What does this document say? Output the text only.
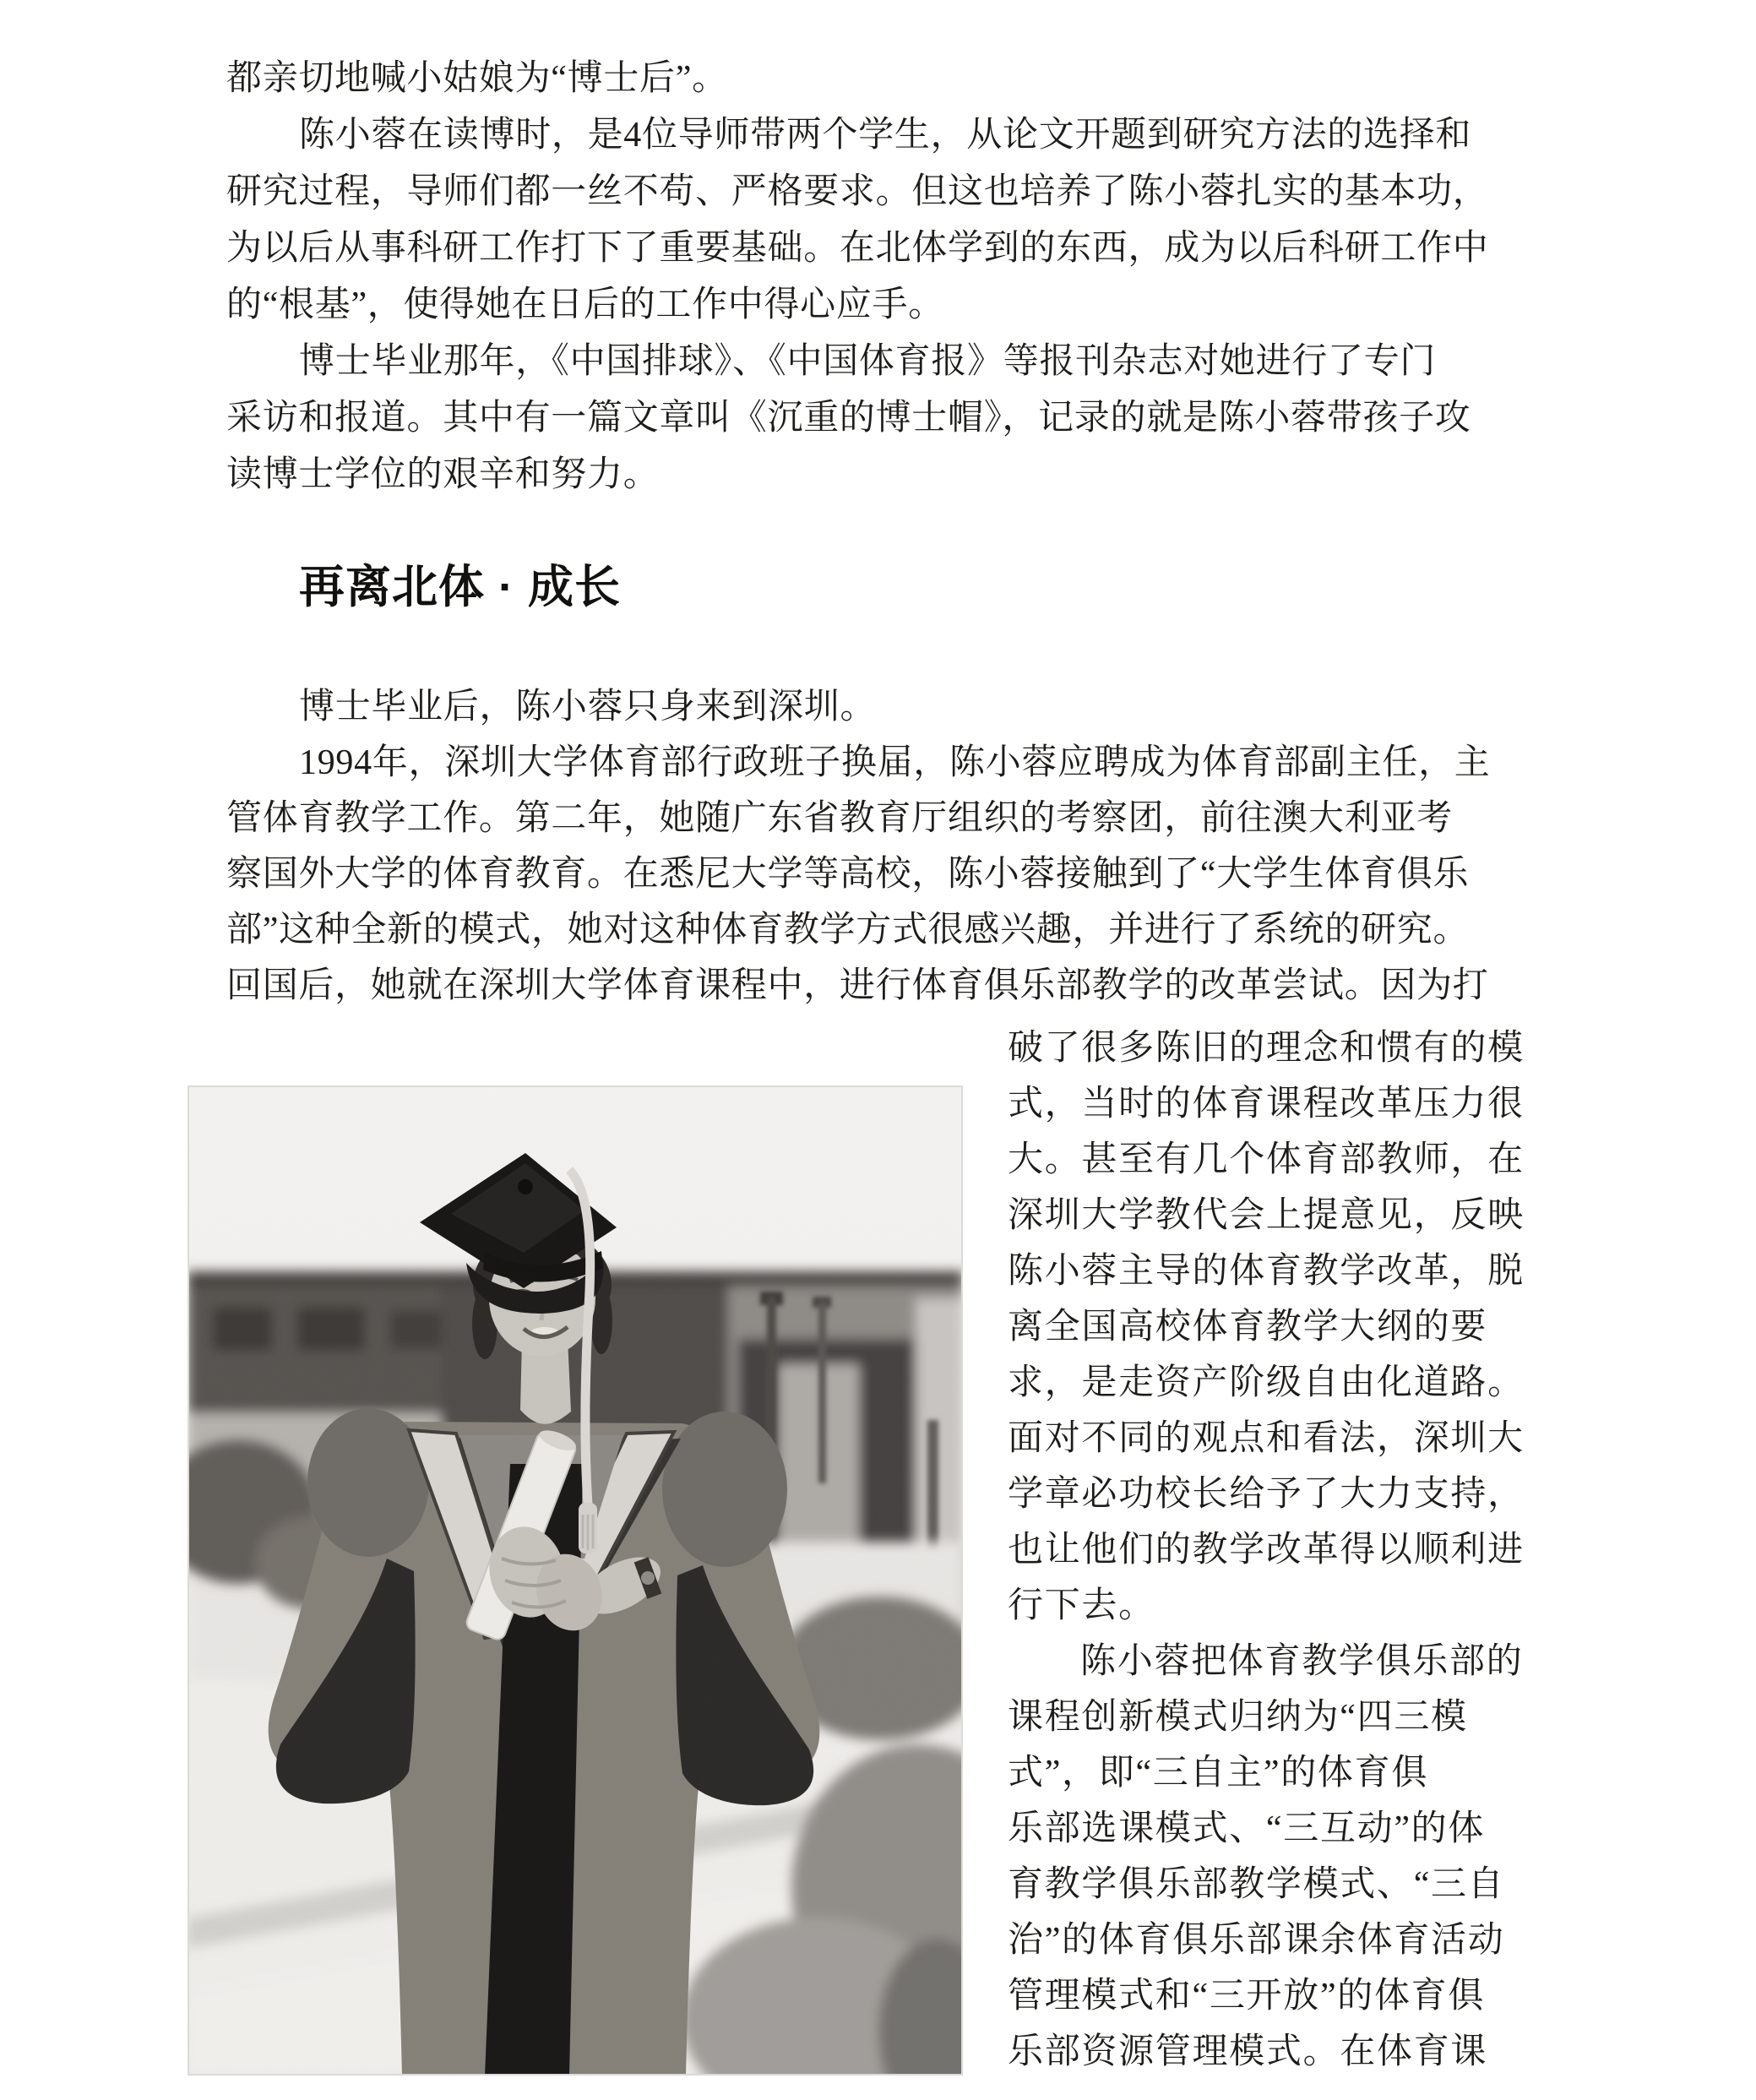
都亲切地喊小姑娘为“博士后”。
陈小蓉在读博时，是4位导师带两个学生，从论文开题到研究方法的选择和
研究过程，导师们都一丝不苟、严格要求。但这也培养了陈小蓉扎实的基本功，
为以后从事科研工作打下了重要基础。在北体学到的东西，成为以后科研工作中
的“根基”，使得她在日后的工作中得心应手。
博士毕业那年，《中国排球》、《中国体育报》等报刊杂志对她进行了专门
采访和报道。其中有一篇文章叫《沉重的博士帽》，记录的就是陈小蓉带孩子攻
读博士学位的艰辛和努力。
再离北体 · 成长
博士毕业后，陈小蓉只身来到深圳。
1994年，深圳大学体育部行政班子换届，陈小蓉应聘成为体育部副主任，主
管体育教学工作。第二年，她随广东省教育厅组织的考察团，前往澳大利亚考
察国外大学的体育教育。在悉尼大学等高校，陈小蓉接触到了“大学生体育俱乐
部”这种全新的模式，她对这种体育教学方式很感兴趣，并进行了系统的研究。
回国后，她就在深圳大学体育课程中，进行体育俱乐部教学的改革尝试。因为打
破了很多陈旧的理念和惯有的模
式，当时的体育课程改革压力很
大。甚至有几个体育部教师，在
深圳大学教代会上提意见，反映
陈小蓉主导的体育教学改革，脱
离全国高校体育教学大纲的要
求，是走资产阶级自由化道路。
面对不同的观点和看法，深圳大
学章必功校长给予了大力支持，
也让他们的教学改革得以顺利进
行下去。
陈小蓉把体育教学俱乐部的
课程创新模式归纳为“四三模
式”，即“三自主”的体育俱
乐部选课模式、“三互动”的体
育教学俱乐部教学模式、“三自
治”的体育俱乐部课余体育活动
管理模式和“三开放”的体育俱
乐部资源管理模式。在体育课
